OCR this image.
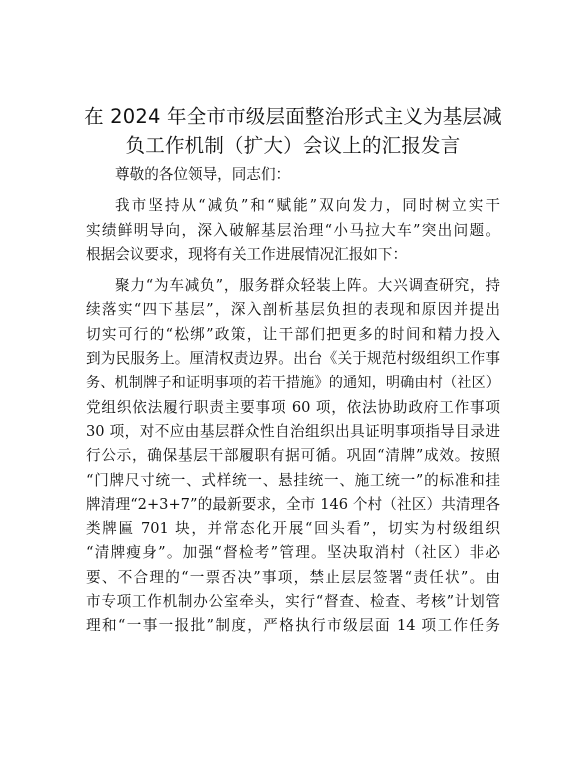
在 2024 年全市市级层面整治形式主义为基层减
负工作机制（扩大）会议上的汇报发言

尊敬的各位领导，同志们：

我市坚持从“减负”和“赋能”双向发力，同时树立实干
实绩鲜明导向，深入破解基层治理“小马拉大车”突出问题。
根据会议要求，现将有关工作进展情况汇报如下：

聚力“为车减负”，服务群众轻装上阵。大兴调查研究，持
续落实“四下基层”，深入剖析基层负担的表现和原因并提出
切实可行的“松绑”政策，让干部们把更多的时间和精力投入
到为民服务上。厘清权责边界。出台《关于规范村级组织工作事
务、机制牌子和证明事项的若干措施》的通知，明确由村（社区）
党组织依法履行职责主要事项 60 项，依法协助政府工作事项
30 项，对不应由基层群众性自治组织出具证明事项指导目录进
行公示，确保基层干部履职有据可循。巩固“清牌”成效。按照
“门牌尺寸统一、式样统一、悬挂统一、施工统一”的标准和挂
牌清理“2+3+7”的最新要求，全市 146 个村（社区）共清理各
类牌匾 701 块，并常态化开展“回头看”，切实为村级组织
“清牌瘦身”。加强“督检考”管理。坚决取消村（社区）非必
要、不合理的“一票否决”事项，禁止层层签署“责任状”。由
市专项工作机制办公室牵头，实行“督查、检查、考核”计划管
理和“一事一报批”制度，严格执行市级层面 14 项工作任务
